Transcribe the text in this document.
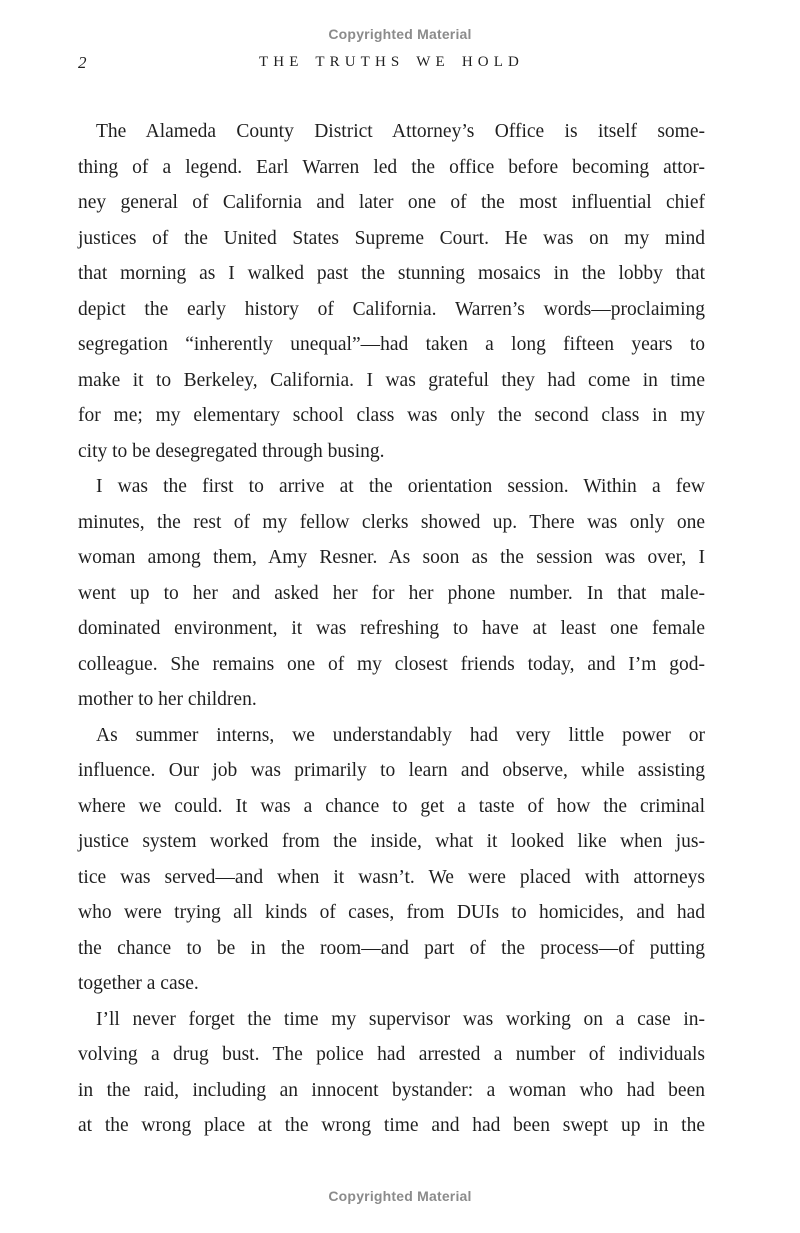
Copyrighted Material
2	THE TRUTHS WE HOLD
The Alameda County District Attorney’s Office is itself some-
thing of a legend. Earl Warren led the office before becoming attor-
ney general of California and later one of the most influential chief
justices of the United States Supreme Court. He was on my mind
that morning as I walked past the stunning mosaics in the lobby that
depict the early history of California. Warren’s words—proclaiming
segregation “inherently unequal”—had taken a long fifteen years to
make it to Berkeley, California. I was grateful they had come in time
for me; my elementary school class was only the second class in my
city to be desegregated through busing.
I was the first to arrive at the orientation session. Within a few
minutes, the rest of my fellow clerks showed up. There was only one
woman among them, Amy Resner. As soon as the session was over, I
went up to her and asked her for her phone number. In that male-
dominated environment, it was refreshing to have at least one female
colleague. She remains one of my closest friends today, and I’m god-
mother to her children.
As summer interns, we understandably had very little power or
influence. Our job was primarily to learn and observe, while assisting
where we could. It was a chance to get a taste of how the criminal
justice system worked from the inside, what it looked like when jus-
tice was served—and when it wasn’t. We were placed with attorneys
who were trying all kinds of cases, from DUIs to homicides, and had
the chance to be in the room—and part of the process—of putting
together a case.
I’ll never forget the time my supervisor was working on a case in-
volving a drug bust. The police had arrested a number of individuals
in the raid, including an innocent bystander: a woman who had been
at the wrong place at the wrong time and had been swept up in the
Copyrighted Material
